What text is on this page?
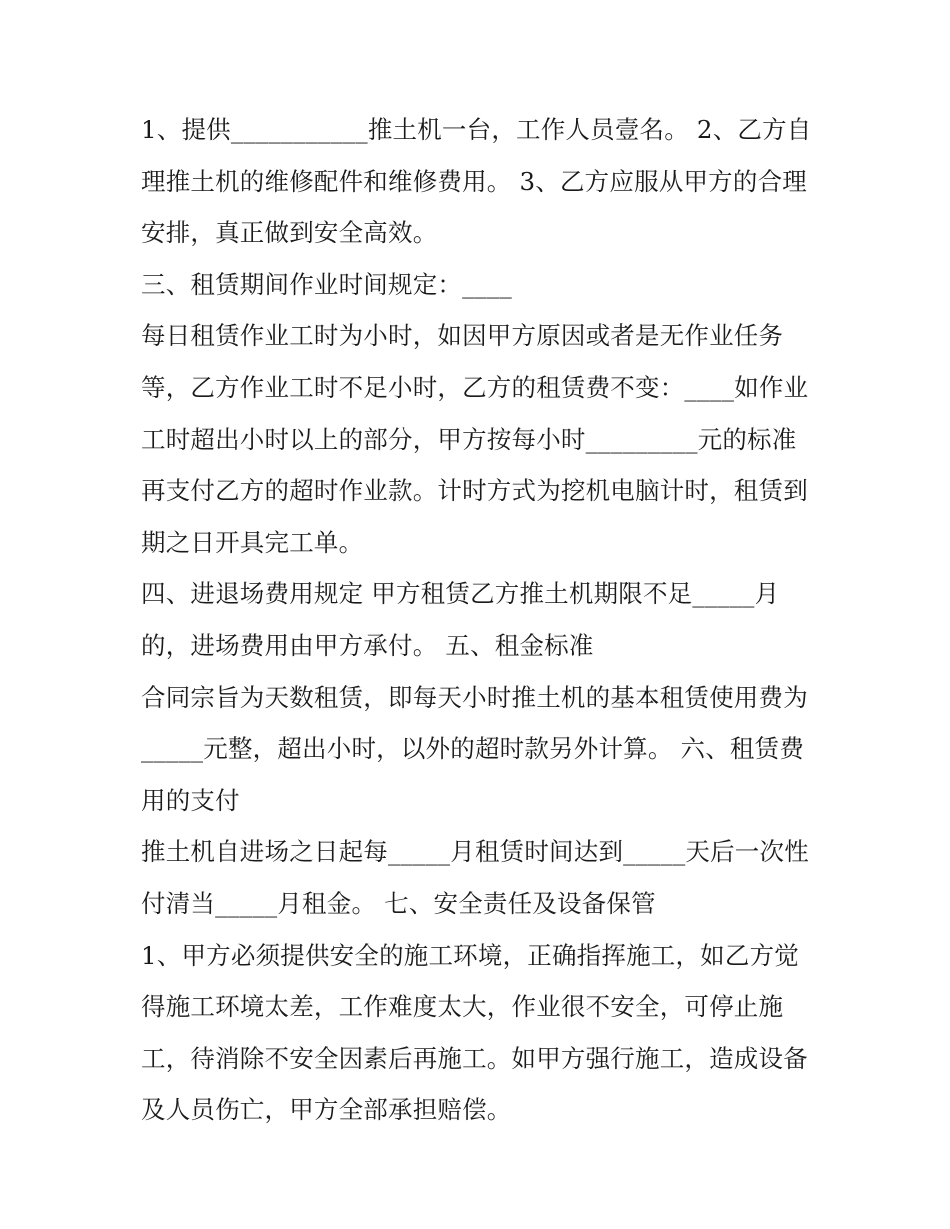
1、提供___________推土机一台，工作人员壹名。 2、乙方自
理推土机的维修配件和维修费用。 3、乙方应服从甲方的合理
安排，真正做到安全高效。
三、租赁期间作业时间规定：____
每日租赁作业工时为小时，如因甲方原因或者是无作业任务
等，乙方作业工时不足小时，乙方的租赁费不变：____如作业
工时超出小时以上的部分，甲方按每小时_________元的标准
再支付乙方的超时作业款。计时方式为挖机电脑计时，租赁到
期之日开具完工单。
四、进退场费用规定 甲方租赁乙方推土机期限不足_____月
的，进场费用由甲方承付。 五、租金标准
合同宗旨为天数租赁，即每天小时推土机的基本租赁使用费为
_____元整，超出小时，以外的超时款另外计算。 六、租赁费
用的支付
推土机自进场之日起每_____月租赁时间达到_____天后一次性
付清当_____月租金。 七、安全责任及设备保管
1、甲方必须提供安全的施工环境，正确指挥施工，如乙方觉
得施工环境太差，工作难度太大，作业很不安全，可停止施
工，待消除不安全因素后再施工。如甲方强行施工，造成设备
及人员伤亡，甲方全部承担赔偿。
